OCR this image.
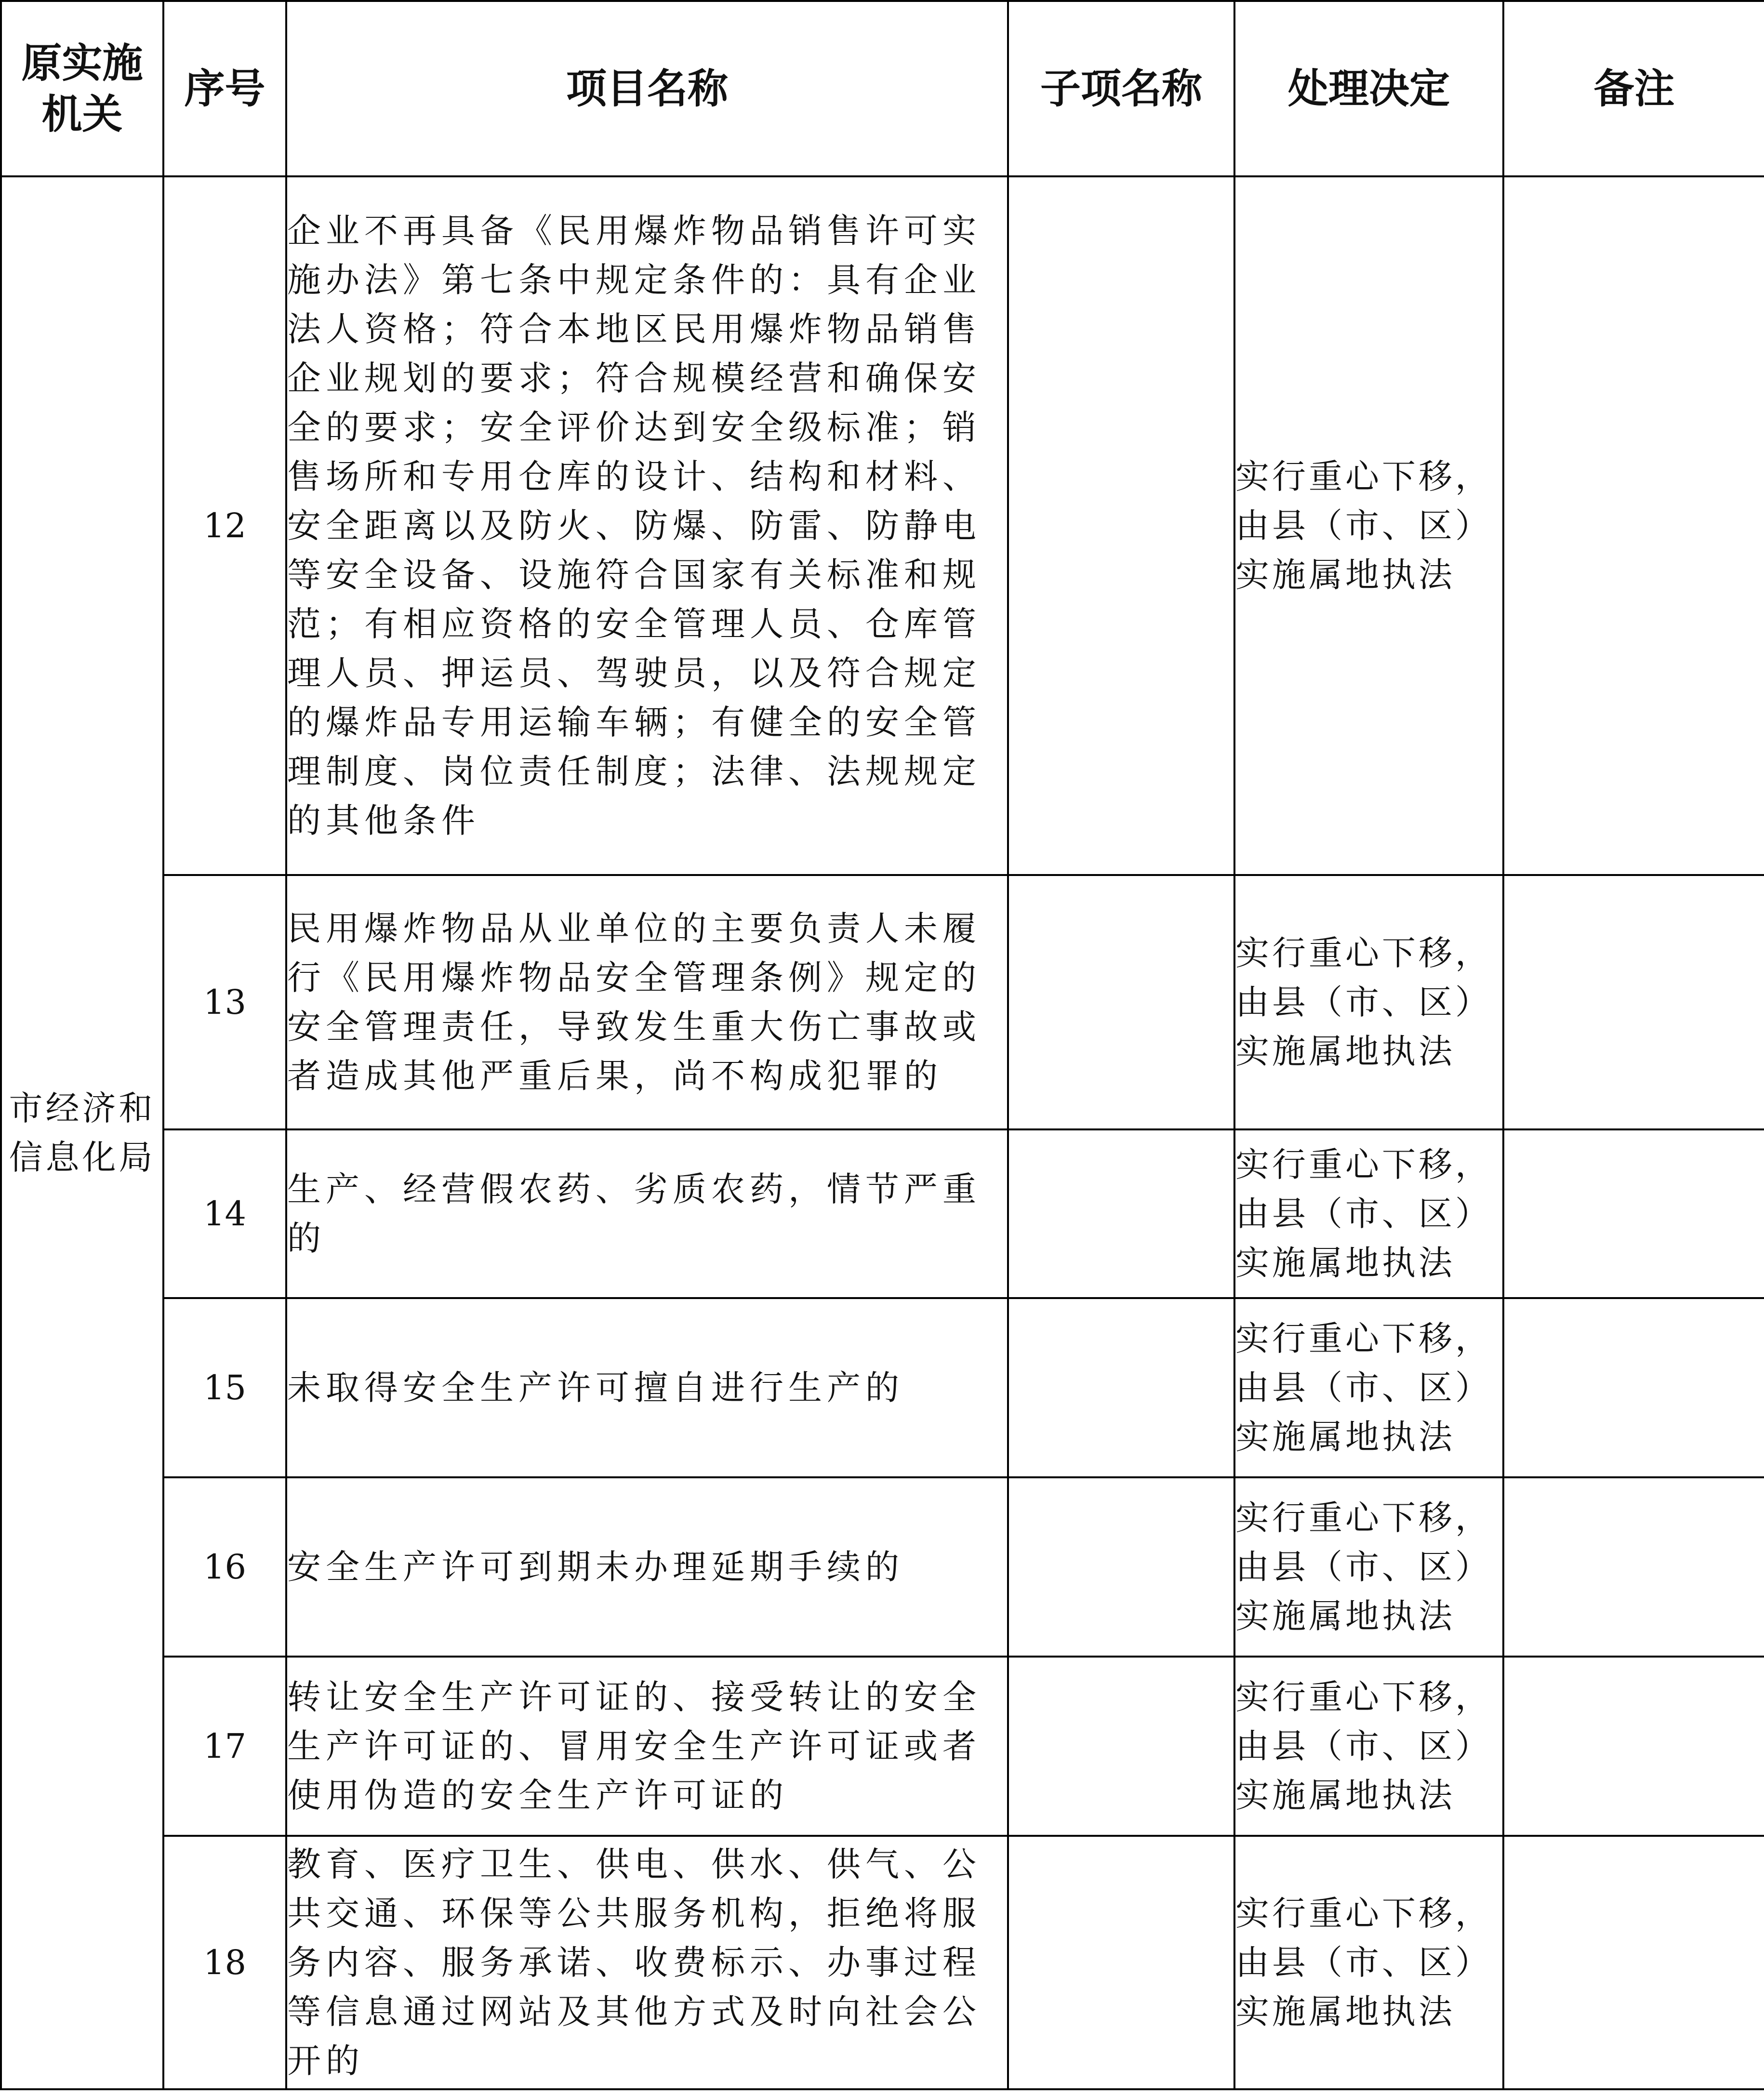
原实施机关	序号	项目名称	子项名称	处理决定	备注
市经济和信息化局	12	企业不再具备《民用爆炸物品销售许可实施办法》第七条中规定条件的：具有企业法人资格；符合本地区民用爆炸物品销售企业规划的要求；符合规模经营和确保安全的要求；安全评价达到安全级标准；销售场所和专用仓库的设计、结构和材料、安全距离以及防火、防爆、防雷、防静电等安全设备、设施符合国家有关标准和规范；有相应资格的安全管理人员、仓库管理人员、押运员、驾驶员，以及符合规定的爆炸品专用运输车辆；有健全的安全管理制度、岗位责任制度；法律、法规规定的其他条件		实行重心下移，由县（市、区）实施属地执法	
	13	民用爆炸物品从业单位的主要负责人未履行《民用爆炸物品安全管理条例》规定的安全管理责任，导致发生重大伤亡事故或者造成其他严重后果，尚不构成犯罪的		实行重心下移，由县（市、区）实施属地执法	
	14	生产、经营假农药、劣质农药，情节严重的		实行重心下移，由县（市、区）实施属地执法	
	15	未取得安全生产许可擅自进行生产的		实行重心下移，由县（市、区）实施属地执法	
	16	安全生产许可到期未办理延期手续的		实行重心下移，由县（市、区）实施属地执法	
	17	转让安全生产许可证的、接受转让的安全生产许可证的、冒用安全生产许可证或者使用伪造的安全生产许可证的		实行重心下移，由县（市、区）实施属地执法	
	18	教育、医疗卫生、供电、供水、供气、公共交通、环保等公共服务机构，拒绝将服务内容、服务承诺、收费标示、办事过程等信息通过网站及其他方式及时向社会公开的		实行重心下移，由县（市、区）实施属地执法	
